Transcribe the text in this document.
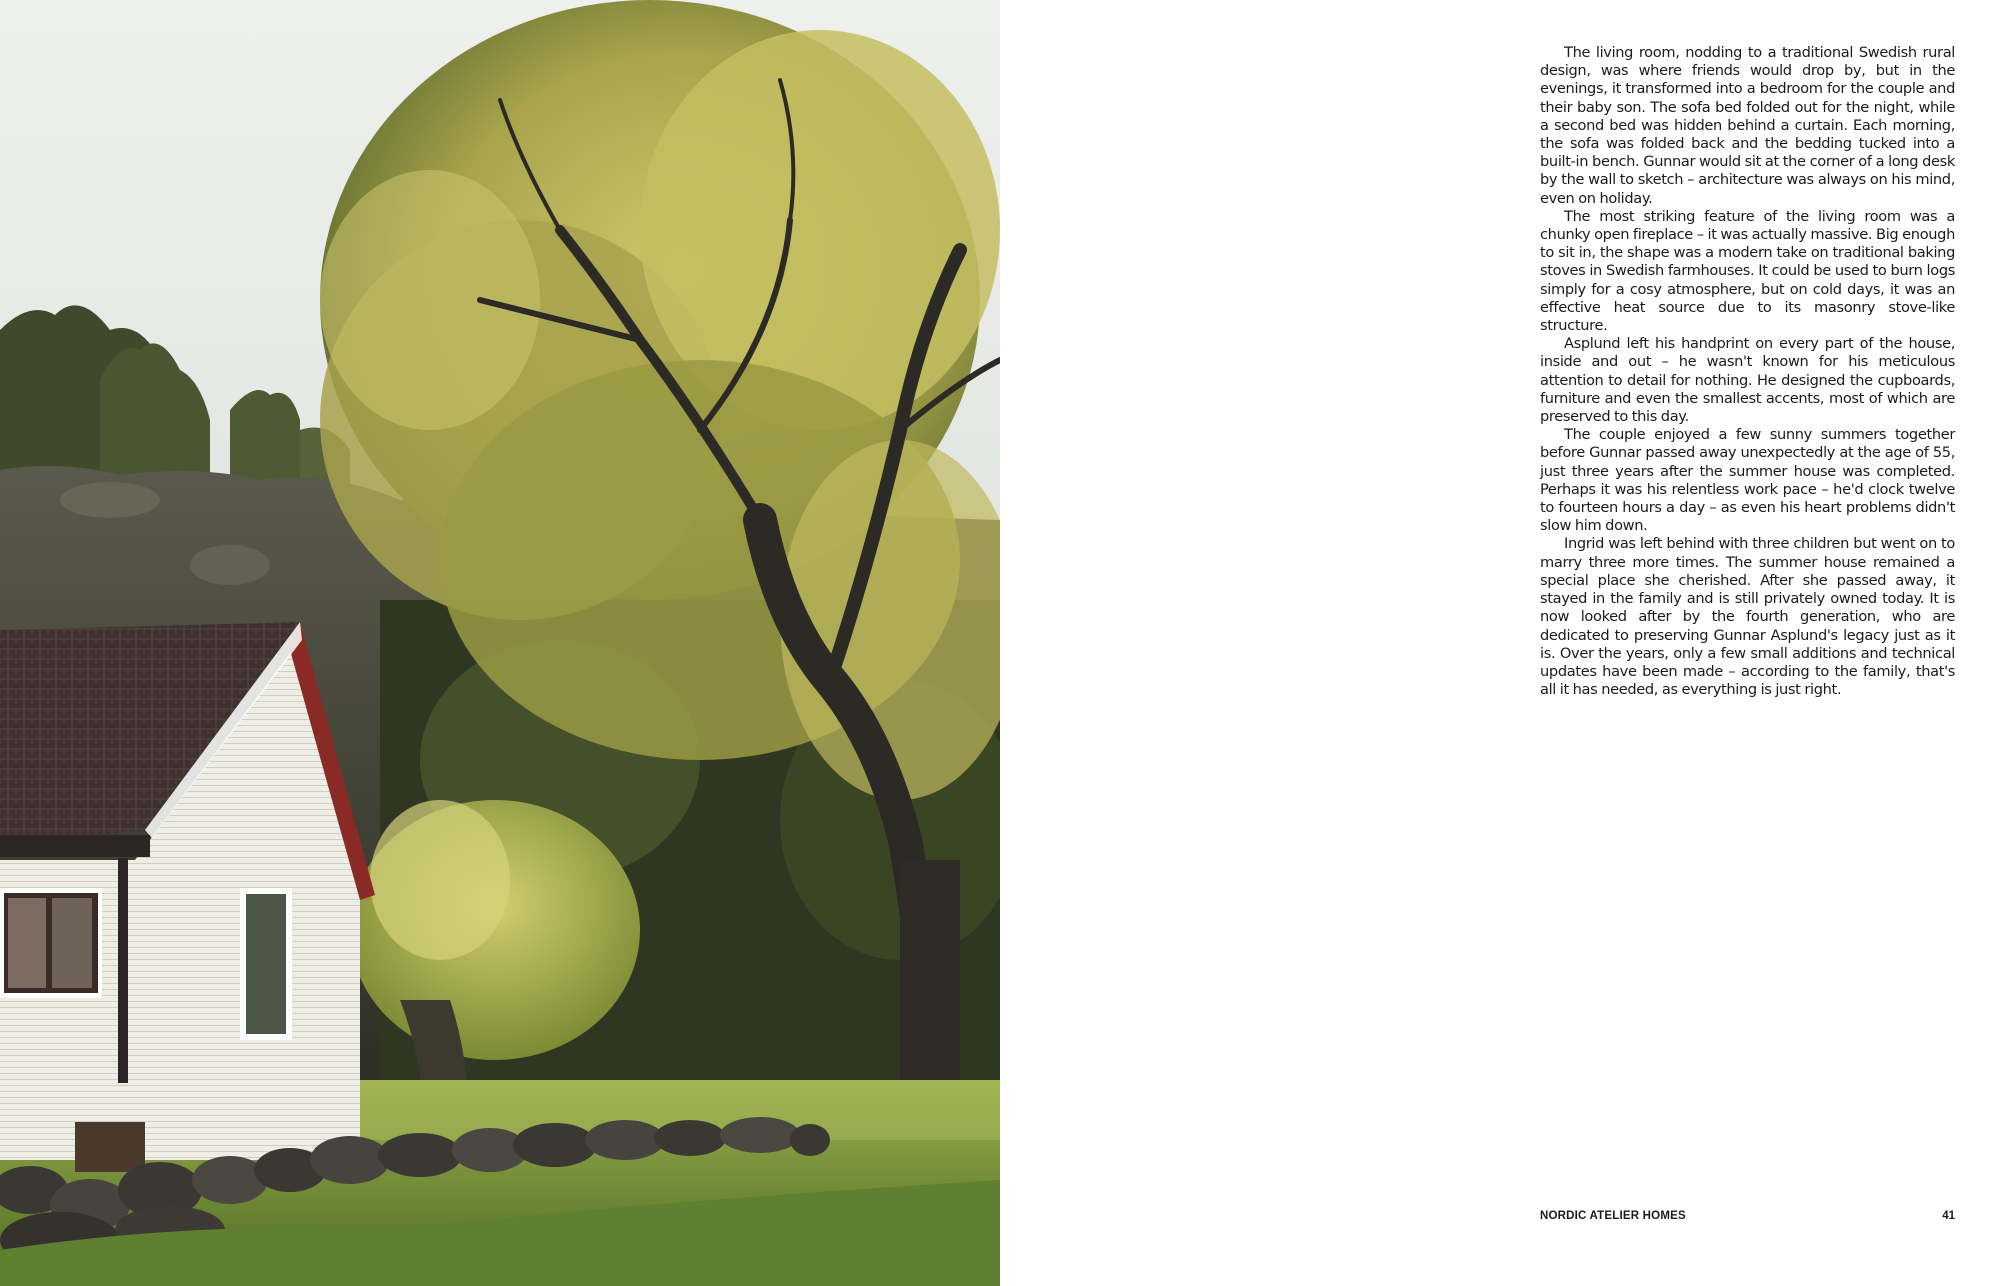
The living room, nodding to a traditional Swedish rural design, was where friends would drop by, but in the evenings, it transformed into a bedroom for the couple and their baby son. The sofa bed folded out for the night, while a second bed was hidden behind a curtain. Each morning, the sofa was folded back and the bedding tucked into a built-in bench. Gunnar would sit at the corner of a long desk by the wall to sketch – architecture was always on his mind, even on holiday.

The most striking feature of the living room was a chunky open fireplace – it was actually massive. Big enough to sit in, the shape was a modern take on traditional baking stoves in Swedish farmhouses. It could be used to burn logs simply for a cosy atmosphere, but on cold days, it was an effective heat source due to its masonry stove-like structure.

Asplund left his handprint on every part of the house, inside and out – he wasn't known for his meticulous attention to detail for nothing. He designed the cupboards, furniture and even the smallest accents, most of which are preserved to this day.

The couple enjoyed a few sunny summers together before Gunnar passed away unexpectedly at the age of 55, just three years after the summer house was completed. Perhaps it was his relentless work pace – he'd clock twelve to fourteen hours a day – as even his heart problems didn't slow him down.

Ingrid was left behind with three children but went on to marry three more times. The summer house remained a special place she cherished. After she passed away, it stayed in the family and is still privately owned today. It is now looked after by the fourth generation, who are dedicated to preserving Gunnar Asplund's legacy just as it is. Over the years, only a few small additions and technical updates have been made – according to the family, that's all it has needed, as everything is just right.

NORDIC ATELIER HOMES	41
